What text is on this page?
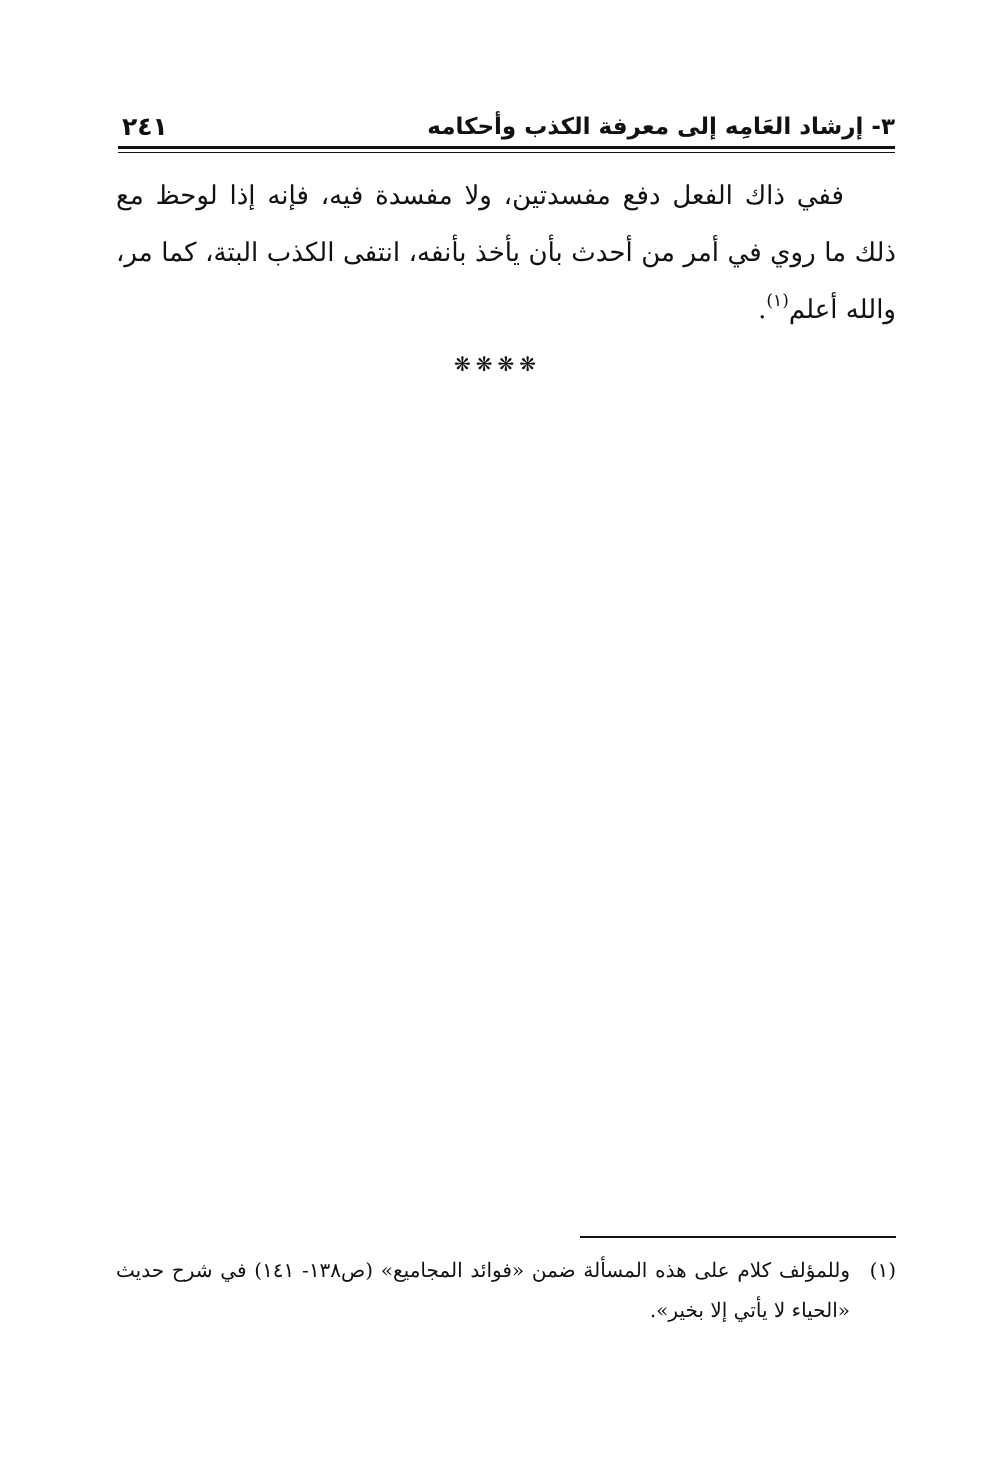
٣- إرشاد العَامِه إلى معرفة الكذب وأحكامه
٢٤١

ففي ذاك الفعل دفع مفسدتين، ولا مفسدة فيه، فإنه إذا لوحظ مع ذلك ما روي في أمر من أحدث بأن يأخذ بأنفه، انتفى الكذب البتة، كما مر، والله أعلم$^{(١)}$.

❋❋❋❋
(١)
وللمؤلف كلام على هذه المسألة ضمن «فوائد المجاميع» (ص١٣٨- ١٤١) في شرح حديث «الحياء لا يأتي إلا بخير».
